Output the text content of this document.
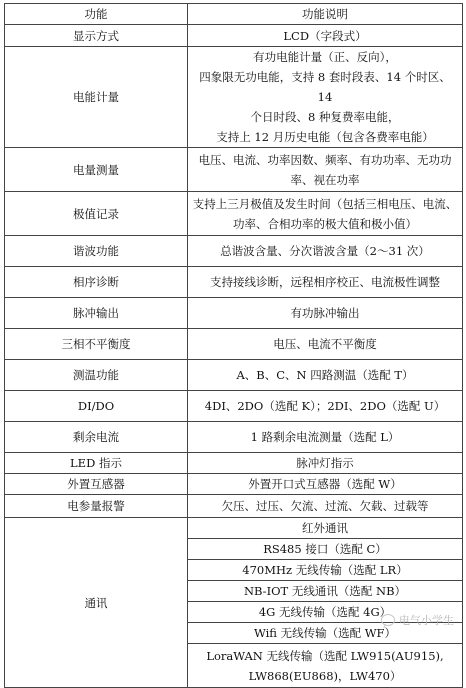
功能	功能说明
显示方式	LCD（字段式）
电能计量	有功电能计量（正、反向），
四象限无功电能，支持 8 套时段表、14 个时区、14
个日时段、8 种复费率电能，
支持上 12 月历史电能（包含各费率电能）

电量测量	电压、电流、功率因数、频率、有功功率、无功功
率、视在功率

极值记录	支持上三月极值及发生时间（包括三相电压、电流、
功率、合相功率的极大值和极小值）

谐波功能	总谐波含量、分次谐波含量（2～31 次）
相序诊断	支持接线诊断，远程相序校正、电流极性调整
脉冲输出	有功脉冲输出
三相不平衡度	电压、电流不平衡度
测温功能	A、B、C、N 四路测温（选配 T）
DI/DO	4DI、2DO（选配 K）；2DI、2DO（选配 U）
剩余电流	1 路剩余电流测量（选配 L）
LED 指示	脉冲灯指示
外置互感器	外置开口式互感器（选配 W）
电参量报警	欠压、过压、欠流、过流、欠载、过载等
通讯	红外通讯
	RS485 接口（选配 C）
	470MHz 无线传输（选配 LR）
	NB-IOT 无线通讯（选配 NB）
	4G 无线传输（选配 4G）
	Wifi 无线传输（选配 WF）

	LoraWAN 无线传输（选配 LW915(AU915),
LW868(EU868)，LW470）
电气小学生
